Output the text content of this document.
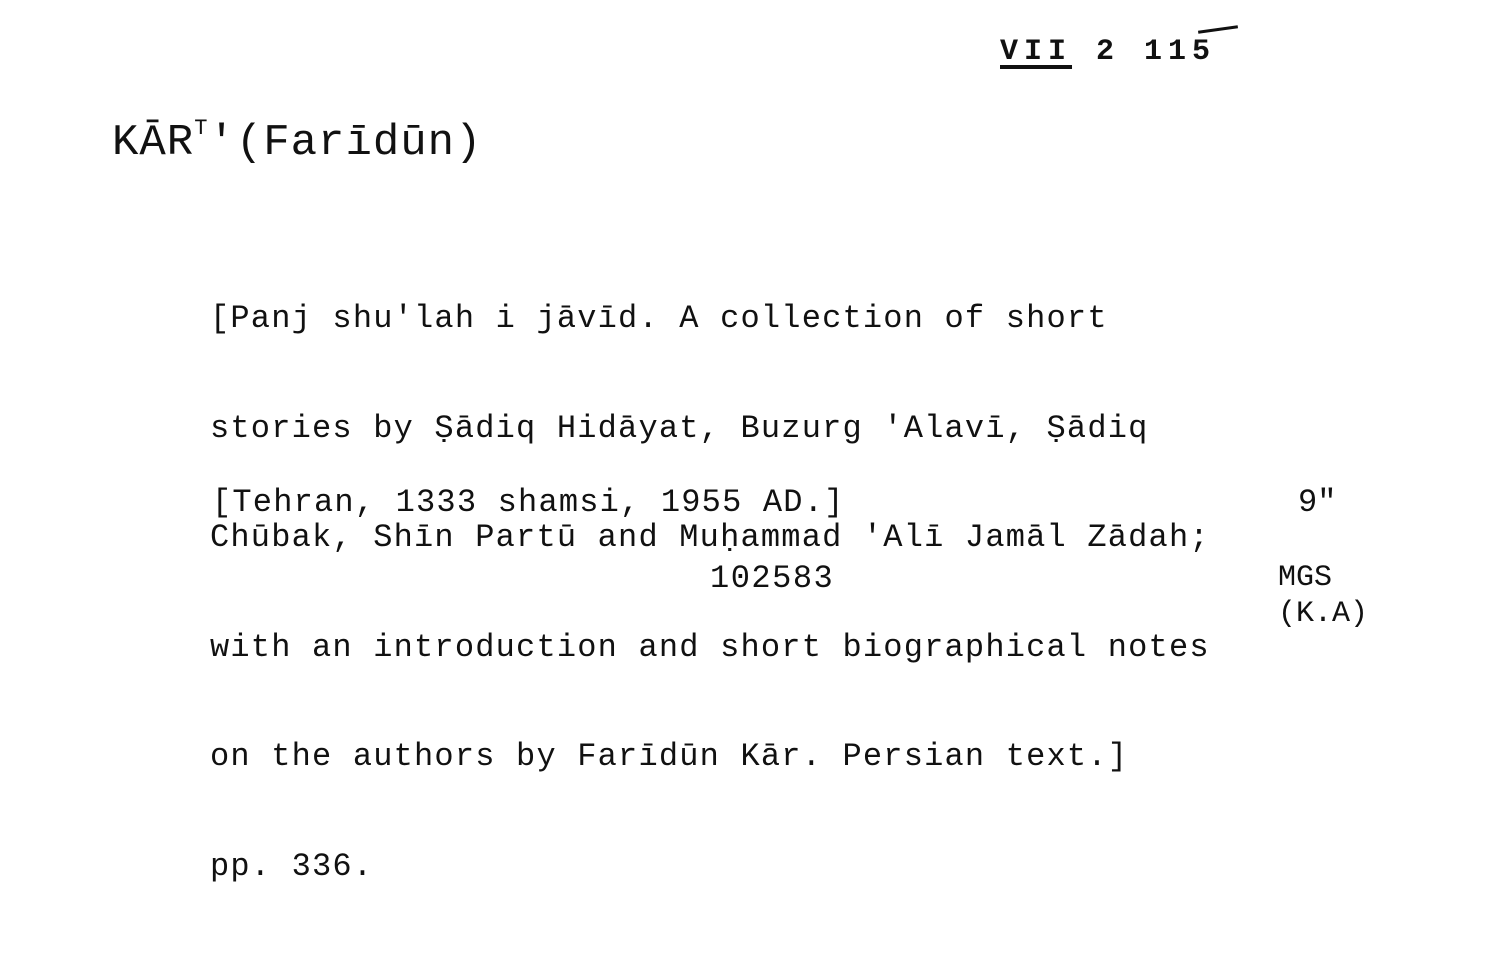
VII 2 115
$KĀR^T'(Farīdūn)$

[Panj shu'lah i jāvīd. A collection of short

stories by Ṣādiq Hidāyat, Buzurg 'Alavī, Ṣādiq

Chūbak, Shīn Partū and Muḥammad 'Alī Jamāl Zādah;

with an introduction and short biographical notes

on the authors by Farīdūn Kār. Persian text.]

pp. 336.

[Tehran, 1333 shamsi, 1955 AD.]	9"
102583	MGS
(K.A)
